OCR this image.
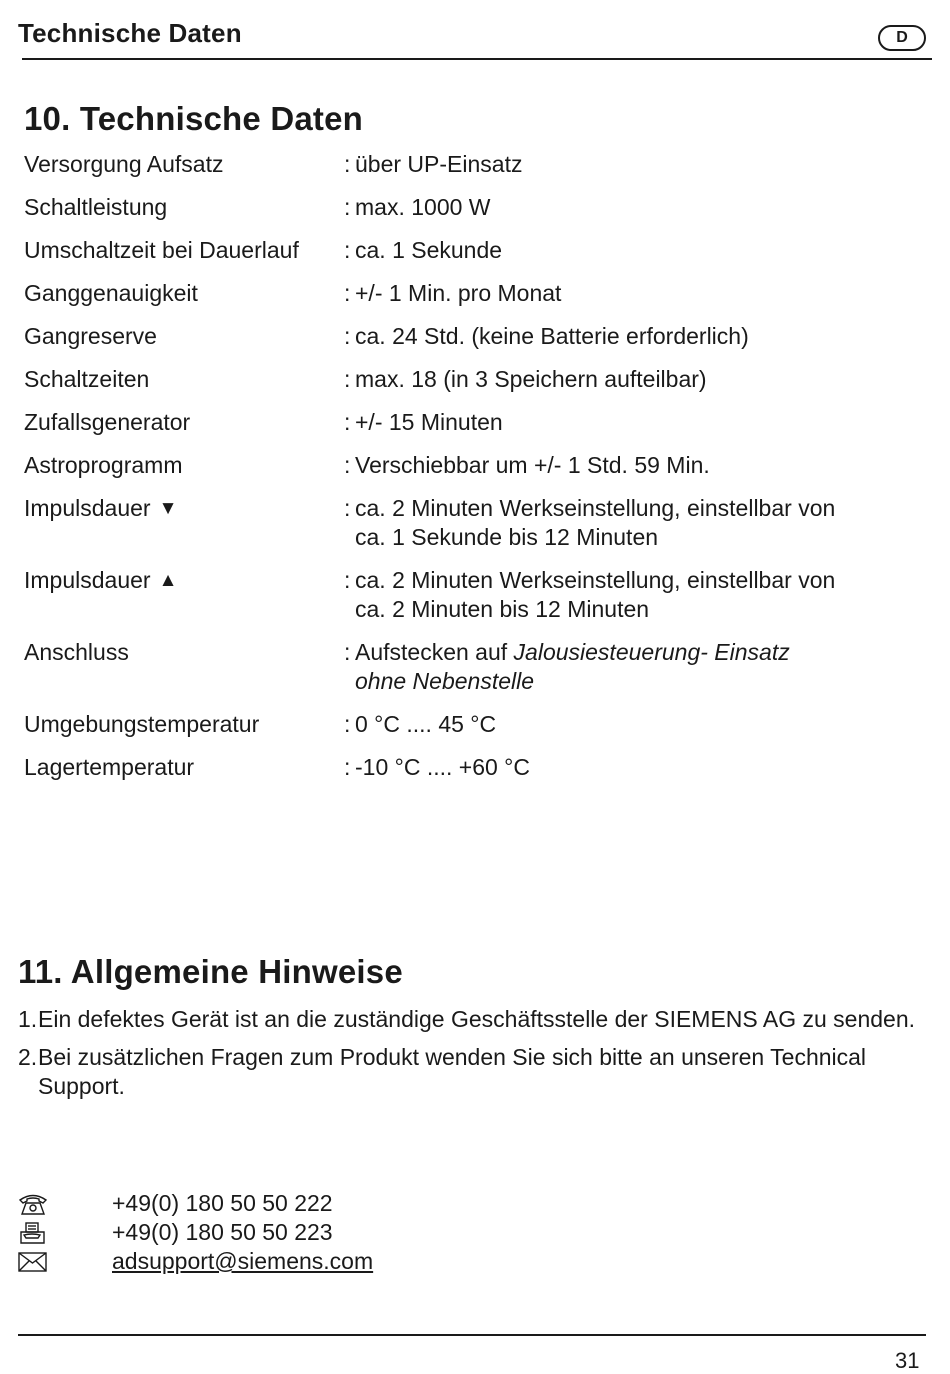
Technische Daten	D
10. Technische Daten
Versorgung Aufsatz	: über UP-Einsatz
Schaltleistung	: max. 1000 W
Umschaltzeit bei Dauerlauf	: ca. 1 Sekunde
Ganggenauigkeit	: +/- 1 Min. pro Monat
Gangreserve	: ca. 24 Std. (keine Batterie erforderlich)
Schaltzeiten	: max. 18 (in 3 Speichern aufteilbar)
Zufallsgenerator	: +/- 15 Minuten
Astroprogramm	: Verschiebbar um +/- 1 Std. 59 Min.
Impulsdauer ▼	: ca. 2 Minuten Werkseinstellung, einstellbar von
ca. 1 Sekunde bis 12 Minuten
Impulsdauer ▲	: ca. 2 Minuten Werkseinstellung, einstellbar von
ca. 2 Minuten bis 12 Minuten
Anschluss	: Aufstecken auf Jalousiesteuerung- Einsatz
ohne Nebenstelle
Umgebungstemperatur	: 0 °C .... 45 °C
Lagertemperatur	: -10 °C .... +60 °C
11. Allgemeine Hinweise
1. Ein defektes Gerät ist an die zuständige Geschäftsstelle der SIEMENS AG zu senden.
2. Bei zusätzlichen Fragen zum Produkt wenden Sie sich bitte an unseren Technical Support.
+49(0) 180 50 50 222
+49(0) 180 50 50 223
adsupport@siemens.com
31
